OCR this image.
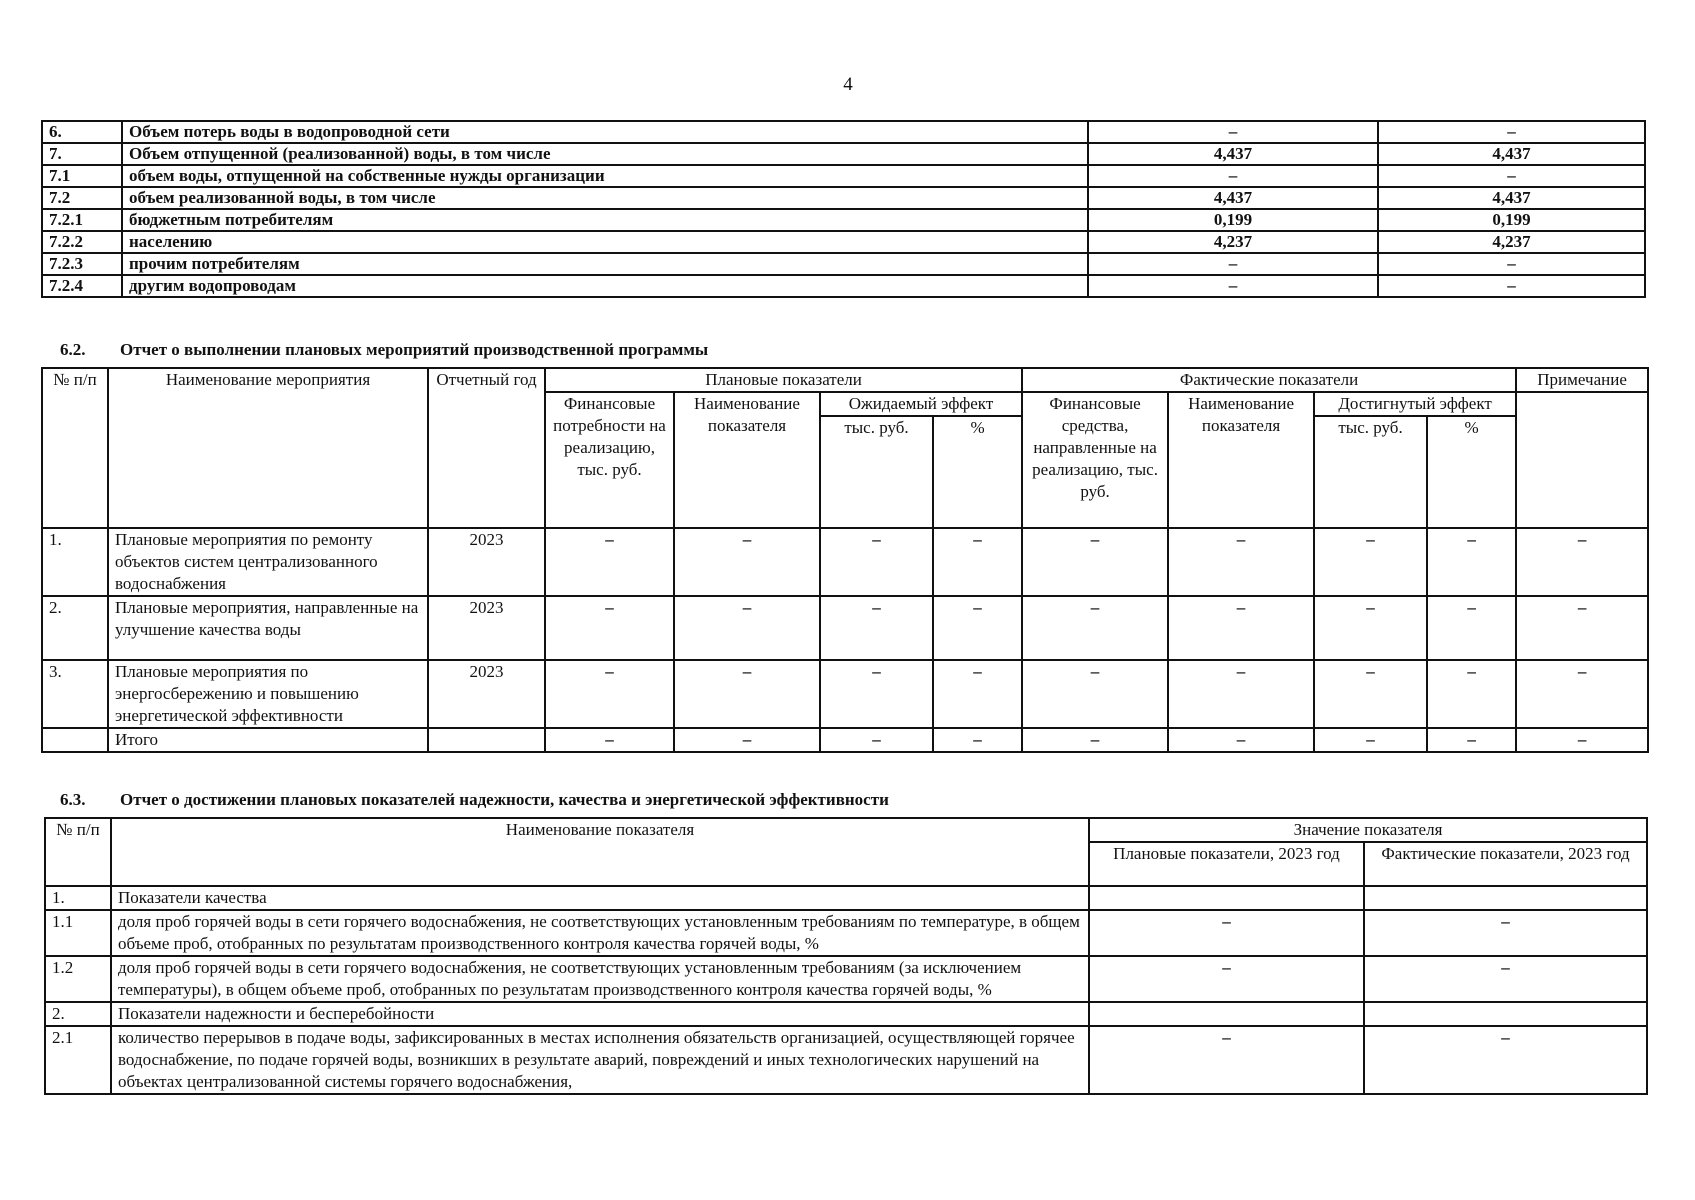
4
6.	Объем потерь воды в водопроводной сети	–	–
7.	Объем отпущенной (реализованной) воды, в том числе	4,437	4,437
7.1	объем воды, отпущенной на собственные нужды организации	–	–
7.2	объем реализованной воды, в том числе	4,437	4,437
7.2.1	бюджетным потребителям	0,199	0,199
7.2.2	населению	4,237	4,237
7.2.3	прочим потребителям	–	–
7.2.4	другим водопроводам	–	–
6.2. Отчет о выполнении плановых мероприятий производственной программы
№ п/п	Наименование мероприятия	Отчетный год	Плановые показатели				Фактические показатели				Примечание
			Финансовые потребности на реализацию, тыс. руб.	Наименование показателя	Ожидаемый эффект		Финансовые средства, направленные на реализацию, тыс. руб.	Наименование показателя	Достигнутый эффект		
					тыс. руб.	%			тыс. руб.	%	
1.	Плановые мероприятия по ремонту объектов систем централизованного водоснабжения	2023	–	–	–	–	–	–	–	–	–
2.	Плановые мероприятия, направленные на улучшение качества воды	2023	–	–	–	–	–	–	–	–	–
3.	Плановые мероприятия по энергосбережению и повышению энергетической эффективности	2023	–	–	–	–	–	–	–	–	–
	Итого		–	–	–	–	–	–	–	–	–
6.3. Отчет о достижении плановых показателей надежности, качества и энергетической эффективности
№ п/п	Наименование показателя	Значение показателя	
		Плановые показатели, 2023 год	Фактические показатели, 2023 год
1.	Показатели качества		
1.1	доля проб горячей воды в сети горячего водоснабжения, не соответствующих установленным требованиям по температуре, в общем объеме проб, отобранных по результатам производственного контроля качества горячей воды, %	–	–
1.2	доля проб горячей воды в сети горячего водоснабжения, не соответствующих установленным требованиям (за исключением температуры), в общем объеме проб, отобранных по результатам производственного контроля качества горячей воды, %	–	–
2.	Показатели надежности и бесперебойности		
2.1	количество перерывов в подаче воды, зафиксированных в местах исполнения обязательств организацией, осуществляющей горячее водоснабжение, по подаче горячей воды, возникших в результате аварий, повреждений и иных технологических нарушений на объектах централизованной системы горячего водоснабжения,	–	–
